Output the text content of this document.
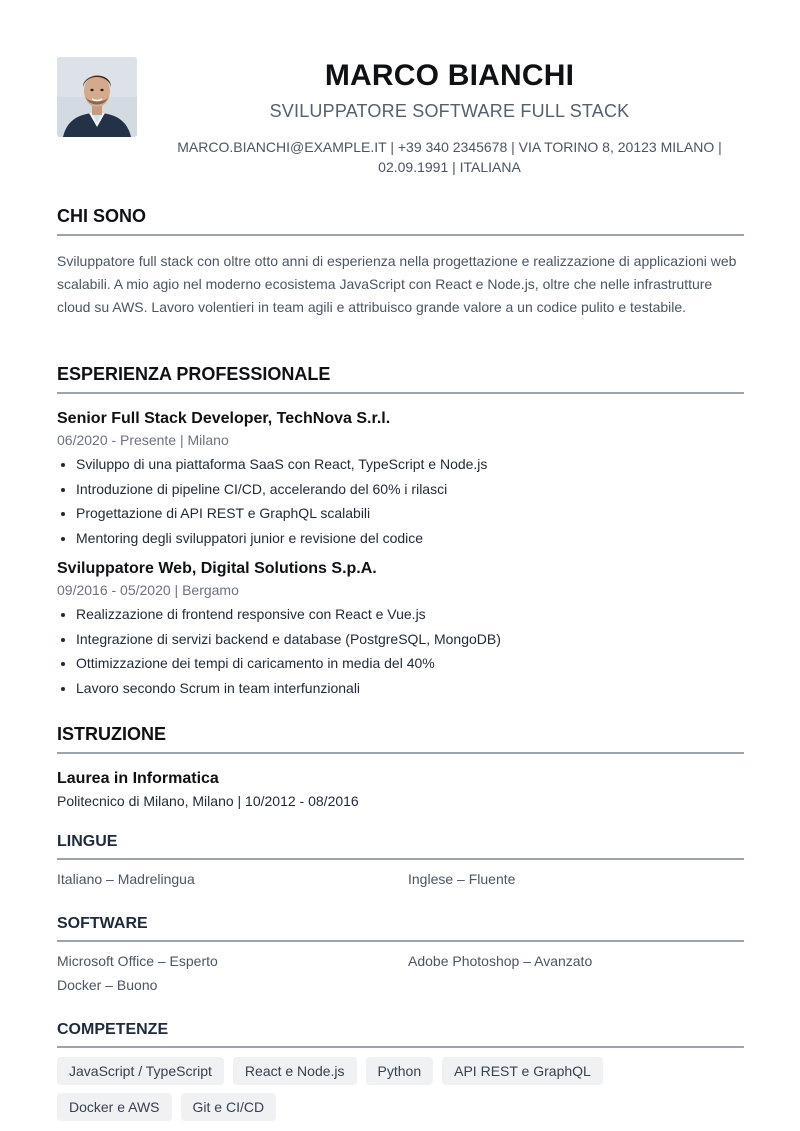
MARCO BIANCHI
SVILUPPATORE SOFTWARE FULL STACK
MARCO.BIANCHI@EXAMPLE.IT | +39 340 2345678 | VIA TORINO 8, 20123 MILANO |
02.09.1991 | ITALIANA
CHI SONO
Sviluppatore full stack con oltre otto anni di esperienza nella progettazione e realizzazione di applicazioni web scalabili. A mio agio nel moderno ecosistema JavaScript con React e Node.js, oltre che nelle infrastrutture cloud su AWS. Lavoro volentieri in team agili e attribuisco grande valore a un codice pulito e testabile.
ESPERIENZA PROFESSIONALE
Senior Full Stack Developer, TechNova S.r.l.
06/2020 - Presente | Milano
• Sviluppo di una piattaforma SaaS con React, TypeScript e Node.js
• Introduzione di pipeline CI/CD, accelerando del 60% i rilasci
• Progettazione di API REST e GraphQL scalabili
• Mentoring degli sviluppatori junior e revisione del codice
Sviluppatore Web, Digital Solutions S.p.A.
09/2016 - 05/2020 | Bergamo
• Realizzazione di frontend responsive con React e Vue.js
• Integrazione di servizi backend e database (PostgreSQL, MongoDB)
• Ottimizzazione dei tempi di caricamento in media del 40%
• Lavoro secondo Scrum in team interfunzionali
ISTRUZIONE
Laurea in Informatica
Politecnico di Milano, Milano | 10/2012 - 08/2016
LINGUE
Italiano – Madrelingua	Inglese – Fluente
SOFTWARE
Microsoft Office – Esperto	Adobe Photoshop – Avanzato
Docker – Buono
COMPETENZE
JavaScript / TypeScript	React e Node.js	Python	API REST e GraphQL
Docker e AWS	Git e CI/CD
